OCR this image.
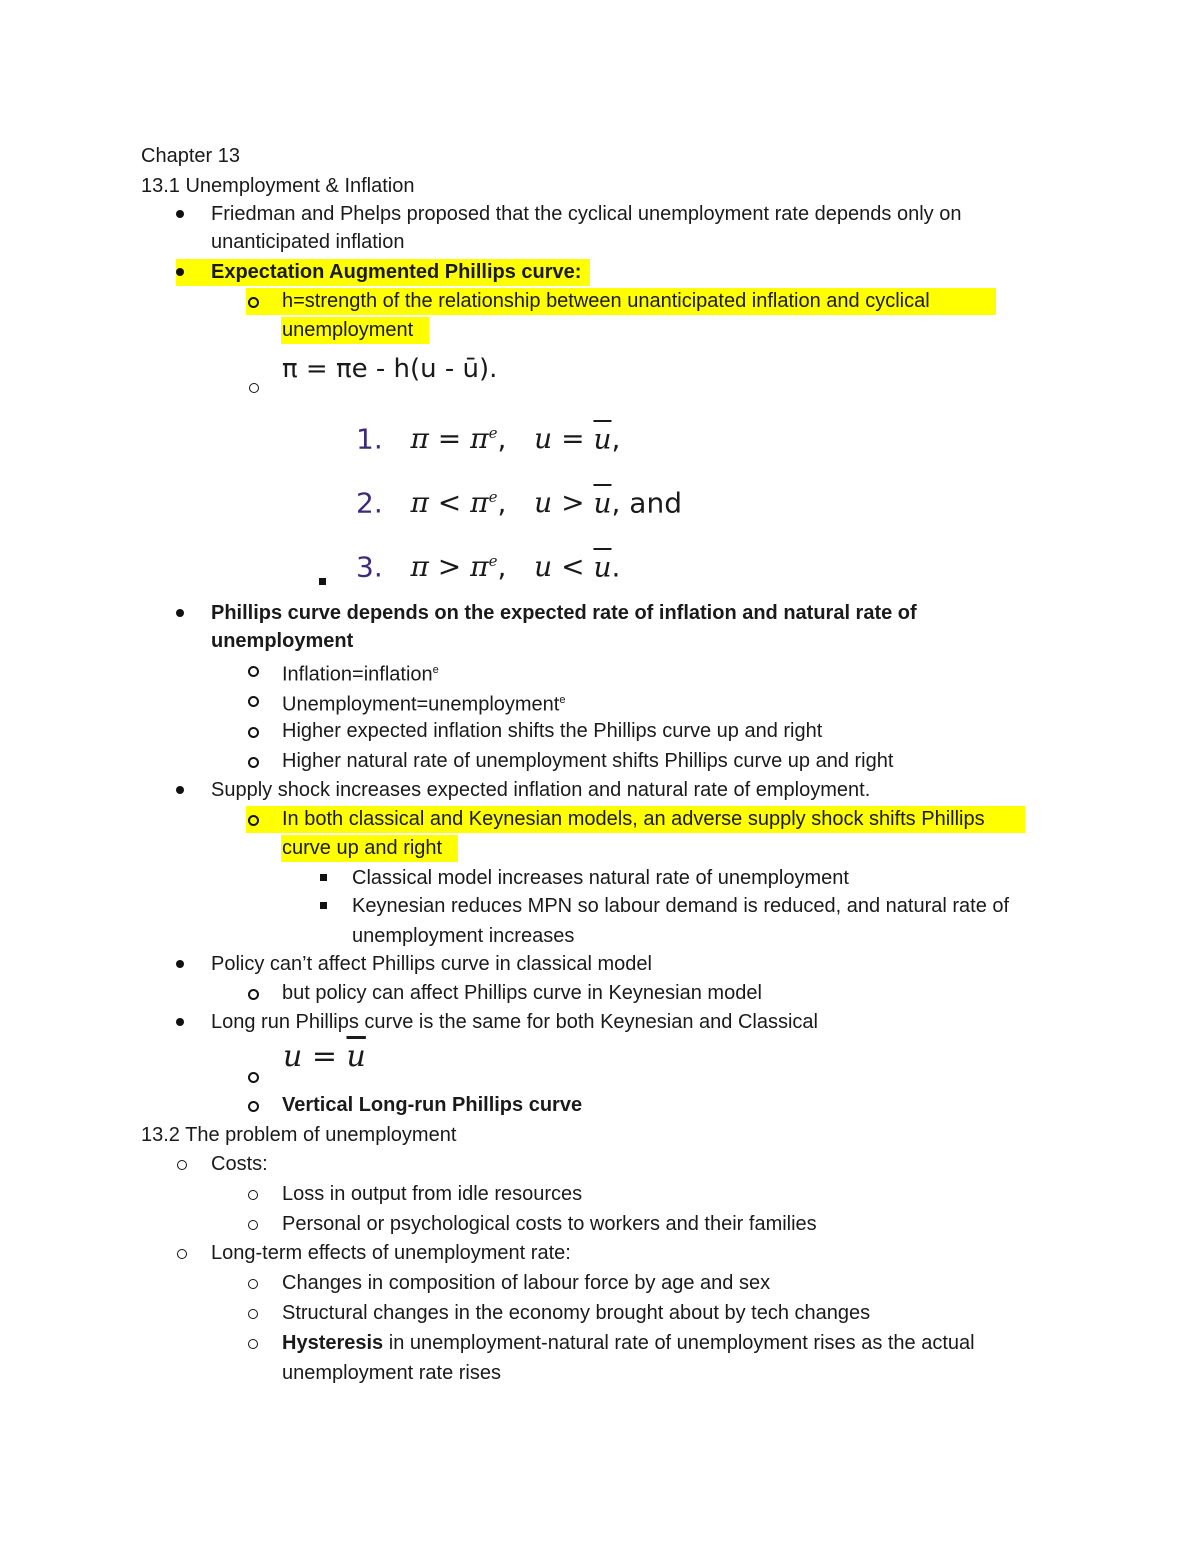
Chapter 13
13.1 Unemployment & Inflation
Friedman and Phelps proposed that the cyclical unemployment rate depends only on
unanticipated inflation
Expectation Augmented Phillips curve:
h=strength of the relationship between unanticipated inflation and cyclical
unemployment
π = πe - h(u - ū).
1. $\pi = \pi^e$, $u = \overline{u}$,
2. $\pi < \pi^e$, $u > \overline{u}$, and
3. $\pi > \pi^e$, $u < \overline{u}$.
Phillips curve depends on the expected rate of inflation and natural rate of
unemployment
Inflation=inflation$^e$
Unemployment=unemployment$^e$
Higher expected inflation shifts the Phillips curve up and right
Higher natural rate of unemployment shifts Phillips curve up and right
Supply shock increases expected inflation and natural rate of employment.
In both classical and Keynesian models, an adverse supply shock shifts Phillips
curve up and right
Classical model increases natural rate of unemployment
Keynesian reduces MPN so labour demand is reduced, and natural rate of
unemployment increases
Policy can’t affect Phillips curve in classical model
but policy can affect Phillips curve in Keynesian model
Long run Phillips curve is the same for both Keynesian and Classical
$u = \overline{u}$
Vertical Long-run Phillips curve
13.2 The problem of unemployment
Costs:
Loss in output from idle resources
Personal or psychological costs to workers and their families
Long-term effects of unemployment rate:
Changes in composition of labour force by age and sex
Structural changes in the economy brought about by tech changes
Hysteresis in unemployment-natural rate of unemployment rises as the actual
unemployment rate rises
